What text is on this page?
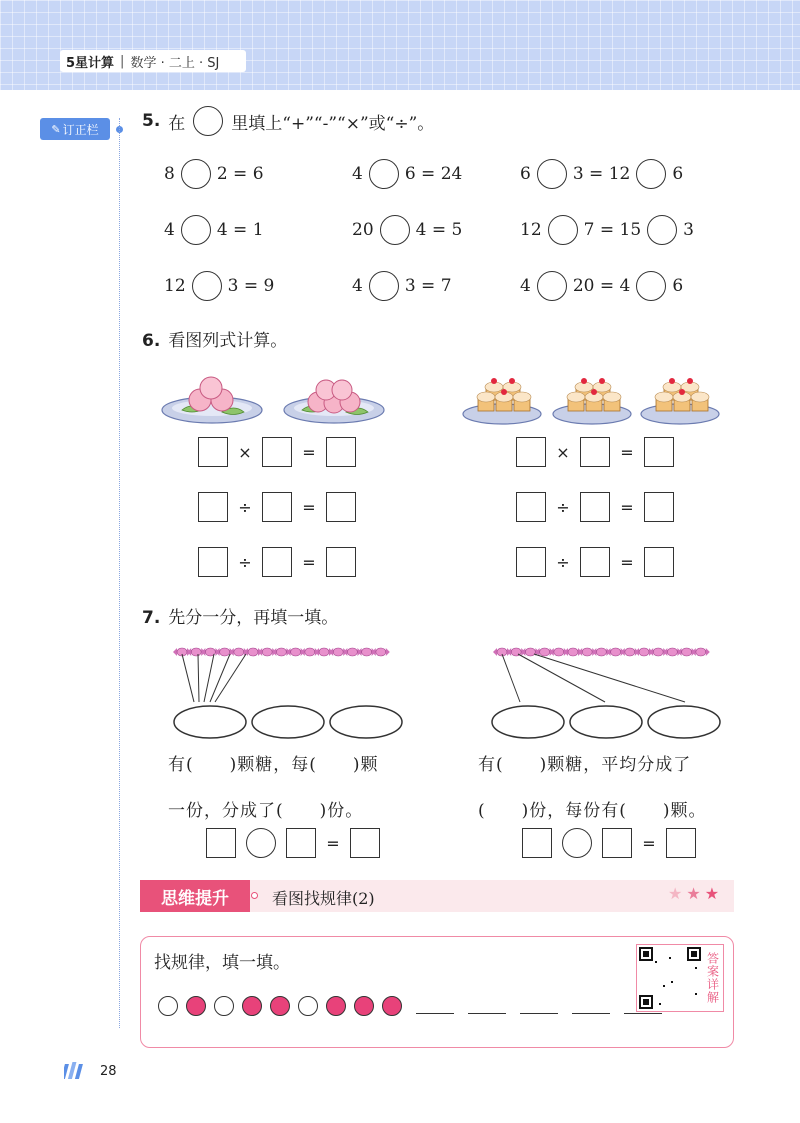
5星计算 | 数学 · 二上 · SJ
✎ 订正栏	5. 在	里填上“+”“-”“×”或“÷”。
8 2 = 6	4 6 = 24	6 3 = 12 6
4 4 = 1	20 4 = 5	12 7 = 15 3
12 3 = 9	4 3 = 7	4 20 = 4 6
6. 看图列式计算。
×	=	×	=
÷	=	÷	=
÷	=	÷	=
7. 先分一分，再填一填。
有(　　)颗糖，每(　　)颗
一份，分成了(　　)份。
有(　　)颗糖，平均分成了
(　　)份，每份有(　　)颗。
=	=
思维提升	看图找规律(2)	★★★
找规律，填一填。	答案详解
28
